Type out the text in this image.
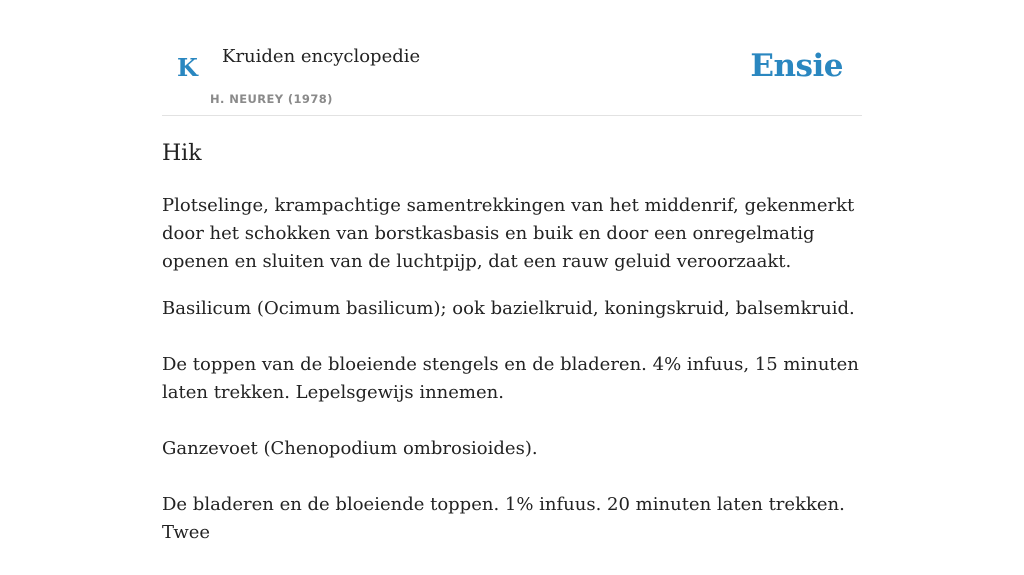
K Kruiden encyclopedie
H. NEUREY (1978)
Ensie
Hik

Plotselinge, krampachtige samentrekkingen van het middenrif, gekenmerkt door het schokken van borstkasbasis en buik en door een onregelmatig openen en sluiten van de luchtpijp, dat een rauw geluid veroorzaakt.

Basilicum (Ocimum basilicum); ook bazielkruid, koningskruid, balsemkruid.

De toppen van de bloeiende stengels en de bladeren. 4% infuus, 15 minuten laten trekken. Lepelsgewijs innemen.

Ganzevoet (Chenopodium ombrosioides).

De bladeren en de bloeiende toppen. 1% infuus. 20 minuten laten trekken. Twee
